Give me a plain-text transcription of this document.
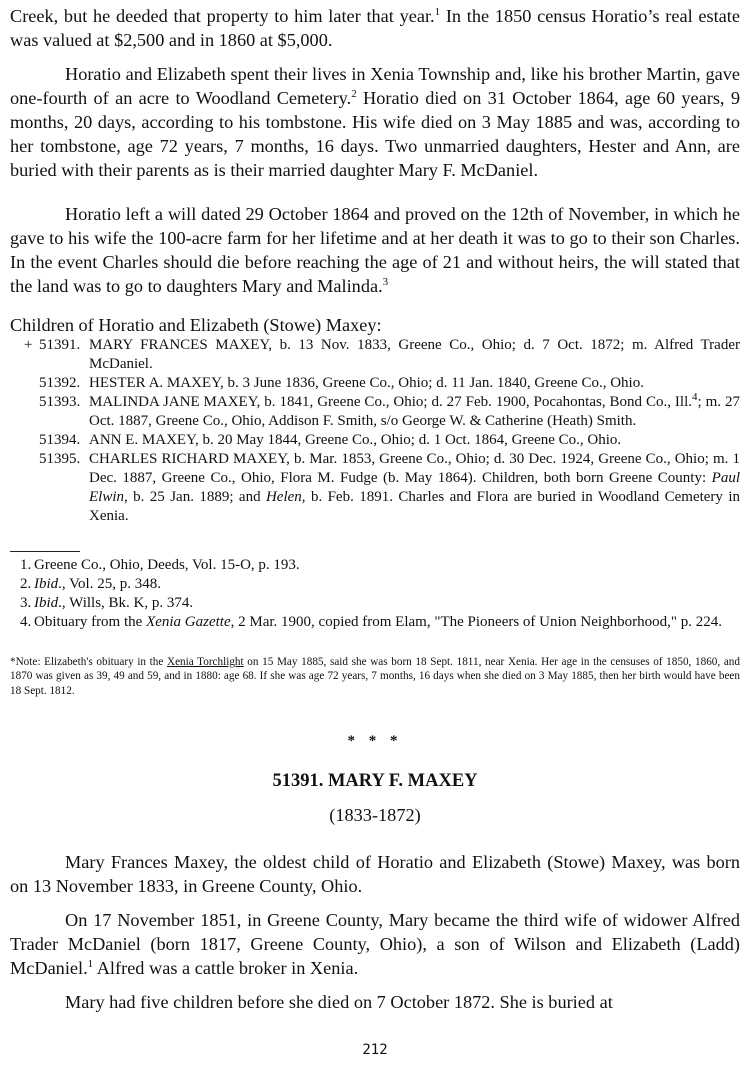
Creek, but he deeded that property to him later that year.$^1$ In the 1850 census Horatio’s real estate was valued at $2,500 and in 1860 at $5,000.

Horatio and Elizabeth spent their lives in Xenia Township and, like his brother Martin, gave one-fourth of an acre to Woodland Cemetery.$^2$ Horatio died on 31 October 1864, age 60 years, 9 months, 20 days, according to his tombstone. His wife died on 3 May 1885 and was, according to her tombstone, age 72 years, 7 months, 16 days. Two unmarried daughters, Hester and Ann, are buried with their parents as is their married daughter Mary F. McDaniel.

Horatio left a will dated 29 October 1864 and proved on the 12th of November, in which he gave to his wife the 100-acre farm for her lifetime and at her death it was to go to their son Charles. In the event Charles should die before reaching the age of 21 and without heirs, the will stated that the land was to go to daughters Mary and Malinda.$^3$

Children of Horatio and Elizabeth (Stowe) Maxey:

+ 51391. MARY FRANCES MAXEY, b. 13 Nov. 1833, Greene Co., Ohio; d. 7 Oct. 1872; m. Alfred Trader McDaniel.
51392. HESTER A. MAXEY, b. 3 June 1836, Greene Co., Ohio; d. 11 Jan. 1840, Greene Co., Ohio.
51393. MALINDA JANE MAXEY, b. 1841, Greene Co., Ohio; d. 27 Feb. 1900, Pocahontas, Bond Co., Ill.$^4$; m. 27 Oct. 1887, Greene Co., Ohio, Addison F. Smith, s/o George W. & Catherine (Heath) Smith.
51394. ANN E. MAXEY, b. 20 May 1844, Greene Co., Ohio; d. 1 Oct. 1864, Greene Co., Ohio.
51395. CHARLES RICHARD MAXEY, b. Mar. 1853, Greene Co., Ohio; d. 30 Dec. 1924, Greene Co., Ohio; m. 1 Dec. 1887, Greene Co., Ohio, Flora M. Fudge (b. May 1864). Children, both born Greene County: Paul Elwin, b. 25 Jan. 1889; and Helen, b. Feb. 1891. Charles and Flora are buried in Woodland Cemetery in Xenia.
1. Greene Co., Ohio, Deeds, Vol. 15-O, p. 193.
2. Ibid., Vol. 25, p. 348.
3. Ibid., Wills, Bk. K, p. 374.
4. Obituary from the Xenia Gazette, 2 Mar. 1900, copied from Elam, "The Pioneers of Union Neighborhood," p. 224.
*Note: Elizabeth's obituary in the Xenia Torchlight on 15 May 1885, said she was born 18 Sept. 1811, near Xenia. Her age in the censuses of 1850, 1860, and 1870 was given as 39, 49 and 59, and in 1880: age 68. If she was age 72 years, 7 months, 16 days when she died on 3 May 1885, then her birth would have been 18 Sept. 1812.
* * *
51391. MARY F. MAXEY
(1833-1872)

Mary Frances Maxey, the oldest child of Horatio and Elizabeth (Stowe) Maxey, was born on 13 November 1833, in Greene County, Ohio.

On 17 November 1851, in Greene County, Mary became the third wife of widower Alfred Trader McDaniel (born 1817, Greene County, Ohio), a son of Wilson and Elizabeth (Ladd) McDaniel.$^1$ Alfred was a cattle broker in Xenia.

Mary had five children before she died on 7 October 1872. She is buried at

212
